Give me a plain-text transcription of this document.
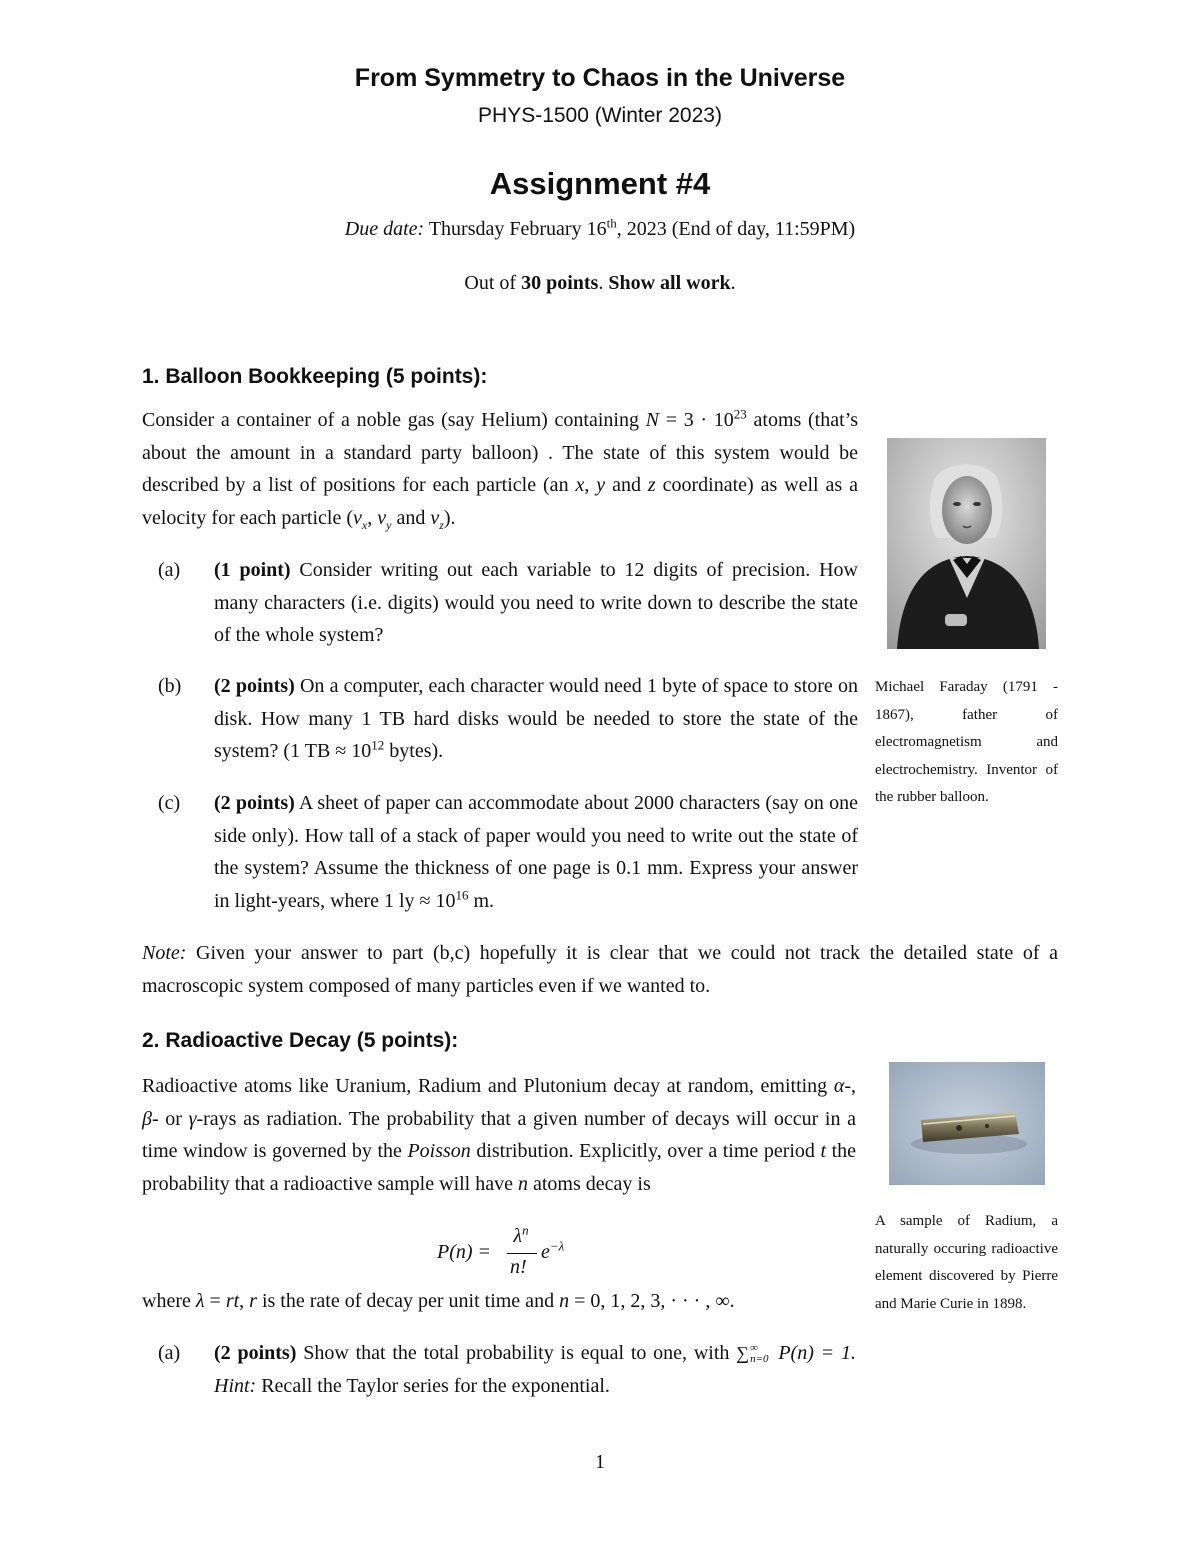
From Symmetry to Chaos in the Universe
PHYS-1500 (Winter 2023)
Assignment #4
Due date: Thursday February 16th, 2023 (End of day, 11:59PM)
Out of 30 points. Show all work.
1. Balloon Bookkeeping (5 points):

Consider a container of a noble gas (say Helium) containing $N = 3 \cdot 10^{23}$ atoms (that’s about the amount in a standard party balloon) . The state of this system would be described by a list of positions for each particle (an x, y and z coordinate) as well as a velocity for each particle ($v_x$, $v_y$ and $v_z$).

Michael Faraday (1791 - 1867), father of electromagnetism and electrochemistry. Inventor of the rubber balloon.
(a)	(1 point) Consider writing out each variable to 12 digits of precision. How many characters (i.e. digits) would you need to write down to describe the state of the whole system?
(b)	(2 points) On a computer, each character would need 1 byte of space to store on disk. How many 1 TB hard disks would be needed to store the state of the system? (1 TB ≈ $10^{12}$ bytes).
(c)	(2 points) A sheet of paper can accommodate about 2000 characters (say on one side only). How tall of a stack of paper would you need to write out the state of the system? Assume the thickness of one page is 0.1 mm. Express your answer in light-years, where 1 ly ≈ $10^{16}$ m.

Note: Given your answer to part (b,c) hopefully it is clear that we could not track the detailed state of a macroscopic system composed of many particles even if we wanted to.

2. Radioactive Decay (5 points):

Radioactive atoms like Uranium, Radium and Plutonium decay at random, emitting α-, β- or γ-rays as radiation. The probability that a given number of decays will occur in a time window is governed by the Poisson distribution. Explicitly, over a time period t the probability that a radioactive sample will have n atoms decay is

A sample of Radium, a naturally occuring radioactive element discovered by Pierre and Marie Curie in 1898.
P(n) =
$\lambda^n$
n!
$e^{-\lambda}$

where λ = rt, r is the rate of decay per unit time and n = 0, 1, 2, 3, · · · , ∞.

(a)	(2 points) Show that the total probability is equal to one, with ∑ ∞
n=0 P(n) = 1. Hint: Recall the Taylor series for the exponential.
1
